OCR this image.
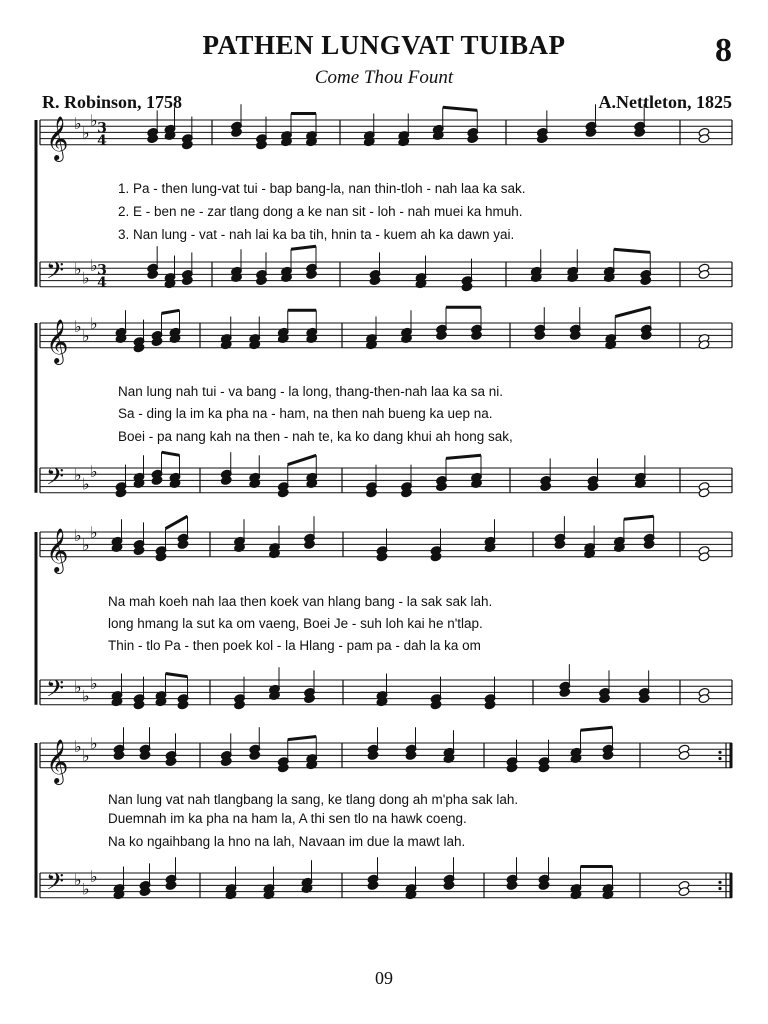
PATHEN LUNGVAT TUIBAP	8
Come Thou Fount
R. Robinson, 1758	A.Nettleton, 1825
𝄞 ♭ ♭
♭ 3
4
𝄢 ♭ ♭
♭ 3
4
𝄞 ♭ ♭
♭
𝄢 ♭ ♭
♭
𝄞 ♭ ♭
♭
𝄢 ♭ ♭
♭
𝄞 ♭ ♭
♭
𝄢 ♭ ♭
♭
1. Pa - then lung-vat tui - bap bang-la, nan thin-tloh - nah laa ka sak.
2. E - ben ne - zar tlang dong a ke nan sit - loh - nah muei ka hmuh.
3. Nan lung - vat - nah lai ka ba tih, hnin ta - kuem ah ka dawn yai.
Nan lung nah tui - va bang - la long, thang-then-nah laa ka sa ni.
Sa - ding la im ka pha na - ham, na then nah bueng ka uep na.
Boei - pa nang kah na then - nah te, ka ko dang khui ah hong sak,
Na mah koeh nah laa then koek van hlang bang - la sak sak lah.
long hmang la sut ka om vaeng, Boei Je - suh loh kai he n'tlap.
Thin - tlo Pa - then poek kol - la Hlang - pam pa - dah la ka om
Nan lung vat nah tlangbang la sang, ke tlang dong ah m'pha sak lah.
Duemnah im ka pha na ham la, A thi sen tlo na hawk coeng.
Na ko ngaihbang la hno na lah, Navaan im due la mawt lah.
09
